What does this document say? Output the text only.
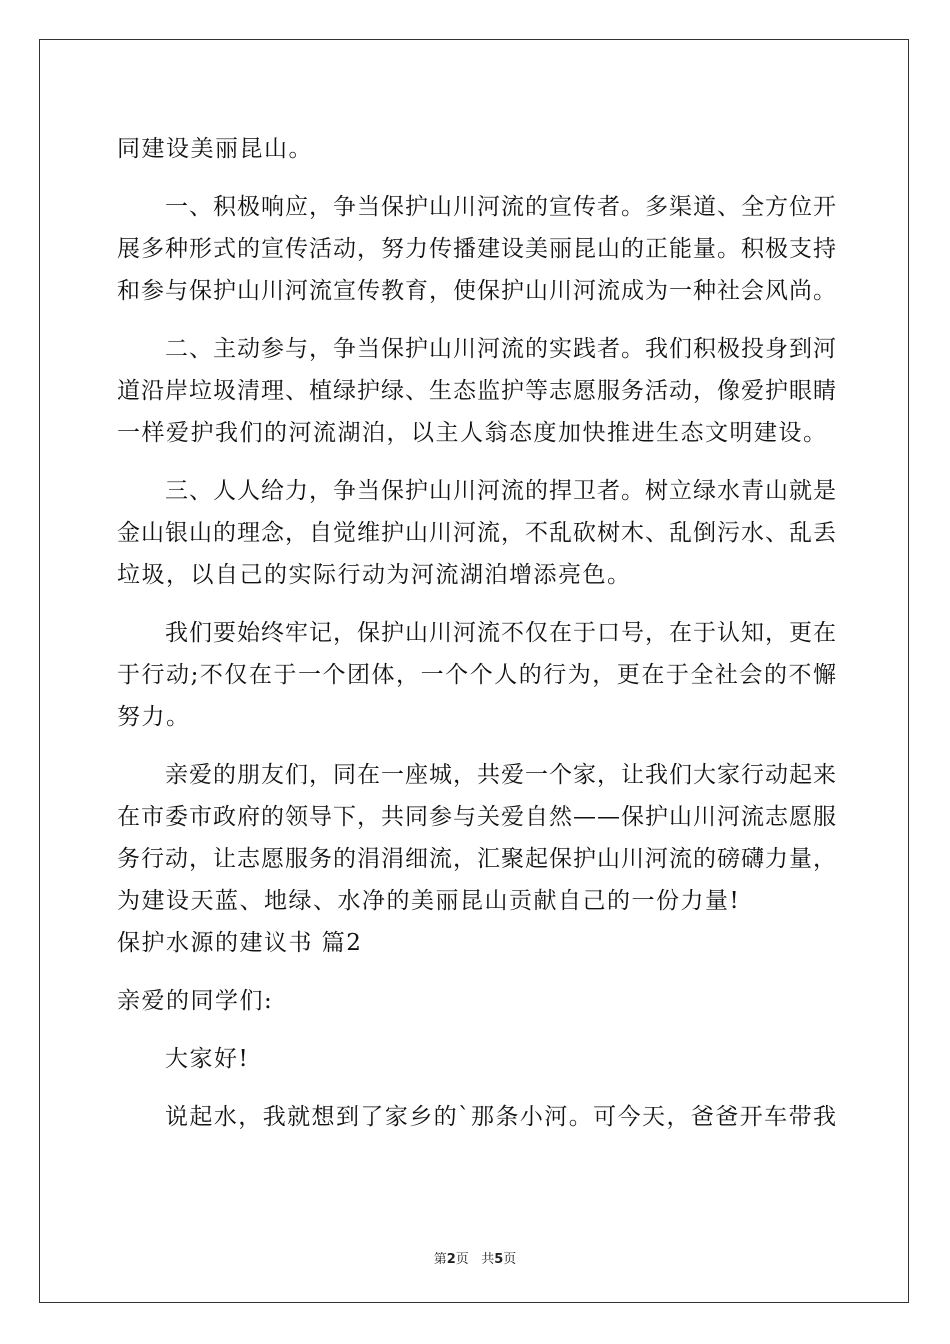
同建设美丽昆山。
一、积极响应，争当保护山川河流的宣传者。多渠道、全方位开
展多种形式的宣传活动，努力传播建设美丽昆山的正能量。积极支持
和参与保护山川河流宣传教育，使保护山川河流成为一种社会风尚。
二、主动参与，争当保护山川河流的实践者。我们积极投身到河
道沿岸垃圾清理、植绿护绿、生态监护等志愿服务活动，像爱护眼睛
一样爱护我们的河流湖泊，以主人翁态度加快推进生态文明建设。
三、人人给力，争当保护山川河流的捍卫者。树立绿水青山就是
金山银山的理念，自觉维护山川河流，不乱砍树木、乱倒污水、乱丢
垃圾，以自己的实际行动为河流湖泊增添亮色。
我们要始终牢记，保护山川河流不仅在于口号，在于认知，更在
于行动;不仅在于一个团体，一个个人的行为，更在于全社会的不懈
努力。
亲爱的朋友们，同在一座城，共爱一个家，让我们大家行动起来
在市委市政府的领导下，共同参与关爱自然——保护山川河流志愿服
务行动，让志愿服务的涓涓细流，汇聚起保护山川河流的磅礴力量，
为建设天蓝、地绿、水净的美丽昆山贡献自己的一份力量!
保护水源的建议书 篇2
亲爱的同学们:
大家好!
说起水，我就想到了家乡的`那条小河。可今天，爸爸开车带我
第2页 共5页
